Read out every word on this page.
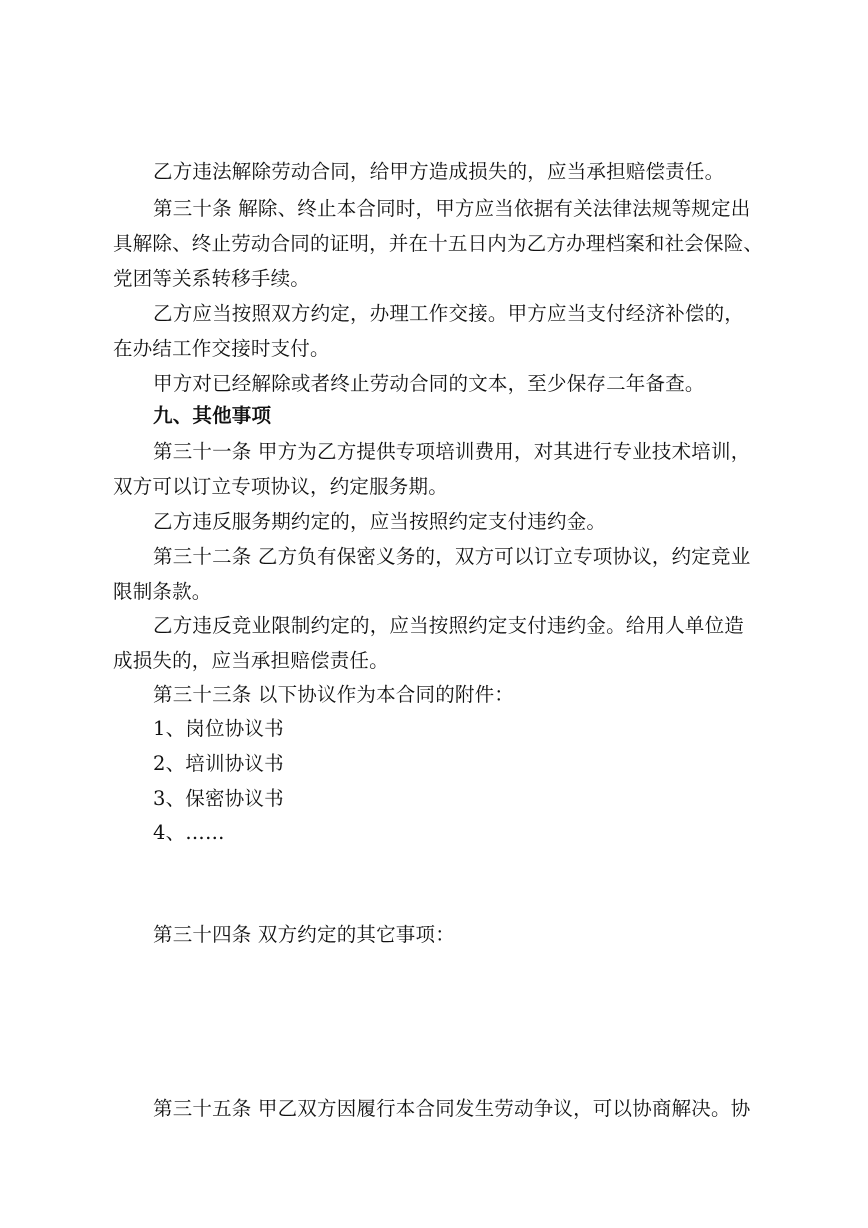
乙方违法解除劳动合同，给甲方造成损失的，应当承担赔偿责任。
第三十条 解除、终止本合同时，甲方应当依据有关法律法规等规定出
具解除、终止劳动合同的证明，并在十五日内为乙方办理档案和社会保险、
党团等关系转移手续。
乙方应当按照双方约定，办理工作交接。甲方应当支付经济补偿的，
在办结工作交接时支付。
甲方对已经解除或者终止劳动合同的文本，至少保存二年备查。
九、其他事项
第三十一条 甲方为乙方提供专项培训费用，对其进行专业技术培训，
双方可以订立专项协议，约定服务期。
乙方违反服务期约定的，应当按照约定支付违约金。
第三十二条 乙方负有保密义务的，双方可以订立专项协议，约定竞业
限制条款。
乙方违反竞业限制约定的，应当按照约定支付违约金。给用人单位造
成损失的，应当承担赔偿责任。
第三十三条 以下协议作为本合同的附件：
1、岗位协议书
2、培训协议书
3、保密协议书
4、……
第三十四条 双方约定的其它事项：
第三十五条 甲乙双方因履行本合同发生劳动争议，可以协商解决。协
